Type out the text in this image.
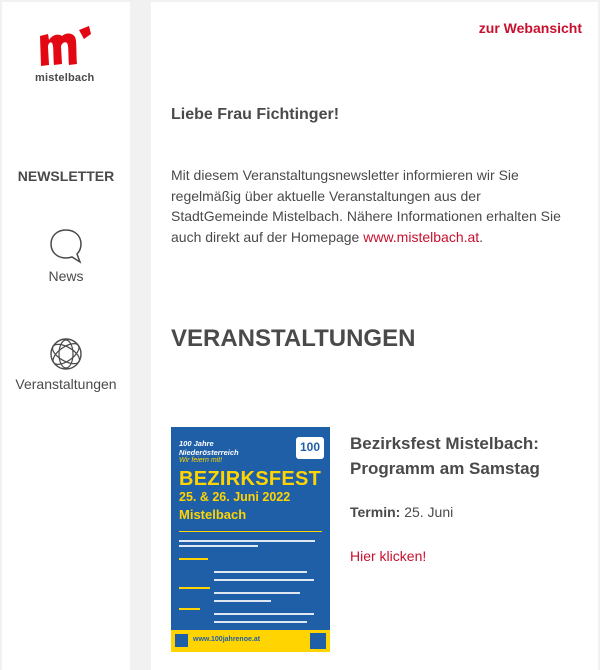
mistelbach
NEWSLETTER
News
Veranstaltungen
zur Webansicht
Liebe Frau Fichtinger!
Mit diesem Veranstaltungsnewsletter informieren wir Sie regelmäßig über aktuelle Veranstaltungen aus der StadtGemeinde Mistelbach. Nähere Informationen erhalten Sie auch direkt auf der Homepage www.mistelbach.at.
VERANSTALTUNGEN
100 Jahre
Niederösterreich
Wir feiern mit!
100
BEZIRKSFEST
25. & 26. Juni 2022
Mistelbach
www.100jahrenoe.at
Bezirksfest Mistelbach: Programm am Samstag
Termin: 25. Juni
Hier klicken!
